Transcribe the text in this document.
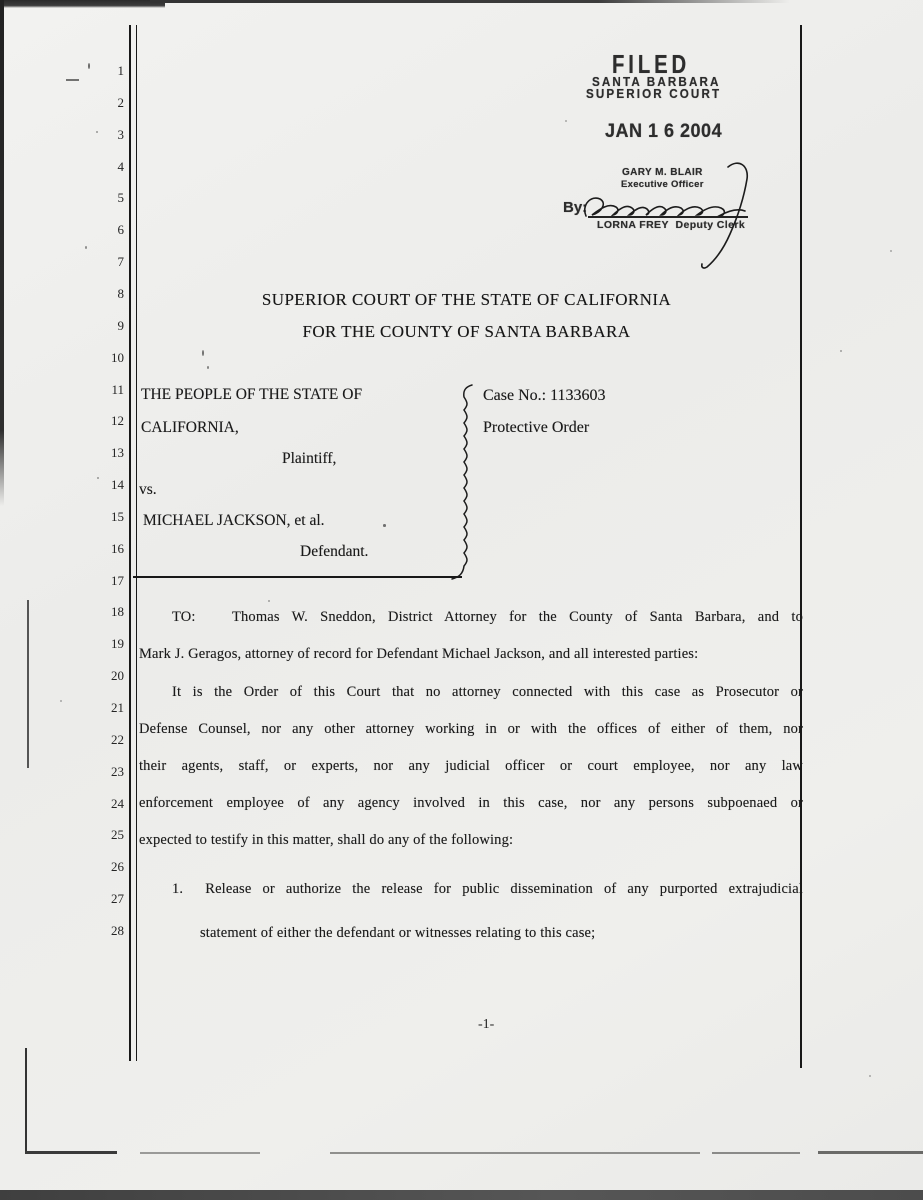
1
2
3
4
5
6
7
8
9
10
11
12
13
14
15
16
17
18
19
20
21
22
23
24
25
26
27
28
FILED
SANTA BARBARA
SUPERIOR COURT
JAN 1 6 2004
GARY M. BLAIR
Executive Officer
By:
LORNA FREY  Deputy Clerk
SUPERIOR COURT OF THE STATE OF CALIFORNIA
FOR THE COUNTY OF SANTA BARBARA
THE PEOPLE OF THE STATE OF
CALIFORNIA,
Plaintiff,
vs.
MICHAEL JACKSON, et al.
Defendant.
Case No.: 1133603
Protective Order
TO:   Thomas W. Sneddon, District Attorney for the County of Santa Barbara, and to
Mark J. Geragos, attorney of record for Defendant Michael Jackson, and all interested parties:
It is the Order of this Court that no attorney connected with this case as Prosecutor or
Defense Counsel, nor any other attorney working in or with the offices of either of them, nor
their agents, staff, or experts, nor any judicial officer or court employee, nor any law
enforcement employee of any agency involved in this case, nor any persons subpoenaed or
expected to testify in this matter, shall do any of the following:
1.  Release or authorize the release for public dissemination of any purported extrajudicial
statement of either the defendant or witnesses relating to this case;
-1-
